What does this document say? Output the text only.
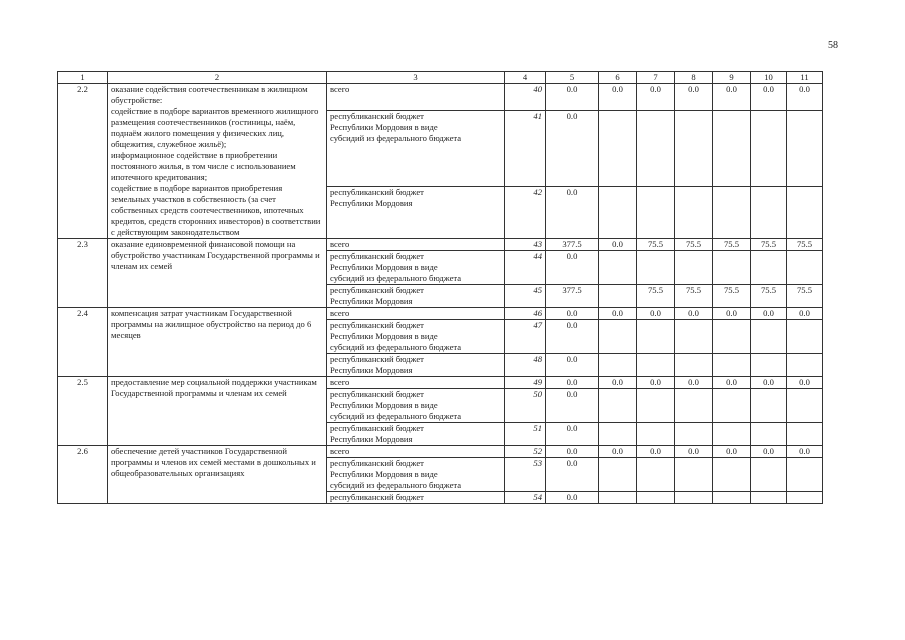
58
1	2	3	4	5	6	7	8	9	10	11
2.2	оказание содействия соотечественникам в жилищном обустройстве:
содействие в подборе вариантов временного жилищного размещения соотечественников (гостиницы, наём, поднаём жилого помещения у физических лиц, общежития, служебное жильё);
информационное содействие в приобретении постоянного жилья, в том числе с использованием ипотечного кредитования;
содействие в подборе вариантов приобретения земельных участков в собственность (за счет собственных средств соотечественников, ипотечных кредитов, средств сторонних инвесторов) в соответствии с действующим законодательством	всего	40	0.0	0.0	0.0	0.0	0.0	0.0	0.0
		республиканский бюджет
Республики Мордовия в виде
субсидий из федерального бюджета	41	0.0						
		республиканский бюджет
Республики Мордовия	42	0.0						
2.3	оказание единовременной финансовой помощи на обустройство участникам Государственной программы и членам их семей	всего	43	377.5	0.0	75.5	75.5	75.5	75.5	75.5
		республиканский бюджет
Республики Мордовия в виде
субсидий из федерального бюджета	44	0.0						
		республиканский бюджет
Республики Мордовия	45	377.5		75.5	75.5	75.5	75.5	75.5
2.4	компенсация затрат участникам Государственной программы на жилищное обустройство на период до 6 месяцев	всего	46	0.0	0.0	0.0	0.0	0.0	0.0	0.0
		республиканский бюджет
Республики Мордовия в виде
субсидий из федерального бюджета	47	0.0						
		республиканский бюджет
Республики Мордовия	48	0.0						
2.5	предоставление мер социальной поддержки участникам Государственной программы и членам их семей	всего	49	0.0	0.0	0.0	0.0	0.0	0.0	0.0
		республиканский бюджет
Республики Мордовия в виде
субсидий из федерального бюджета	50	0.0						
		республиканский бюджет
Республики Мордовия	51	0.0						
2.6	обеспечение детей участников Государственной программы и членов их семей местами в дошкольных и общеобразовательных организациях	всего	52	0.0	0.0	0.0	0.0	0.0	0.0	0.0
		республиканский бюджет
Республики Мордовия в виде
субсидий из федерального бюджета	53	0.0						
		республиканский бюджет	54	0.0						
